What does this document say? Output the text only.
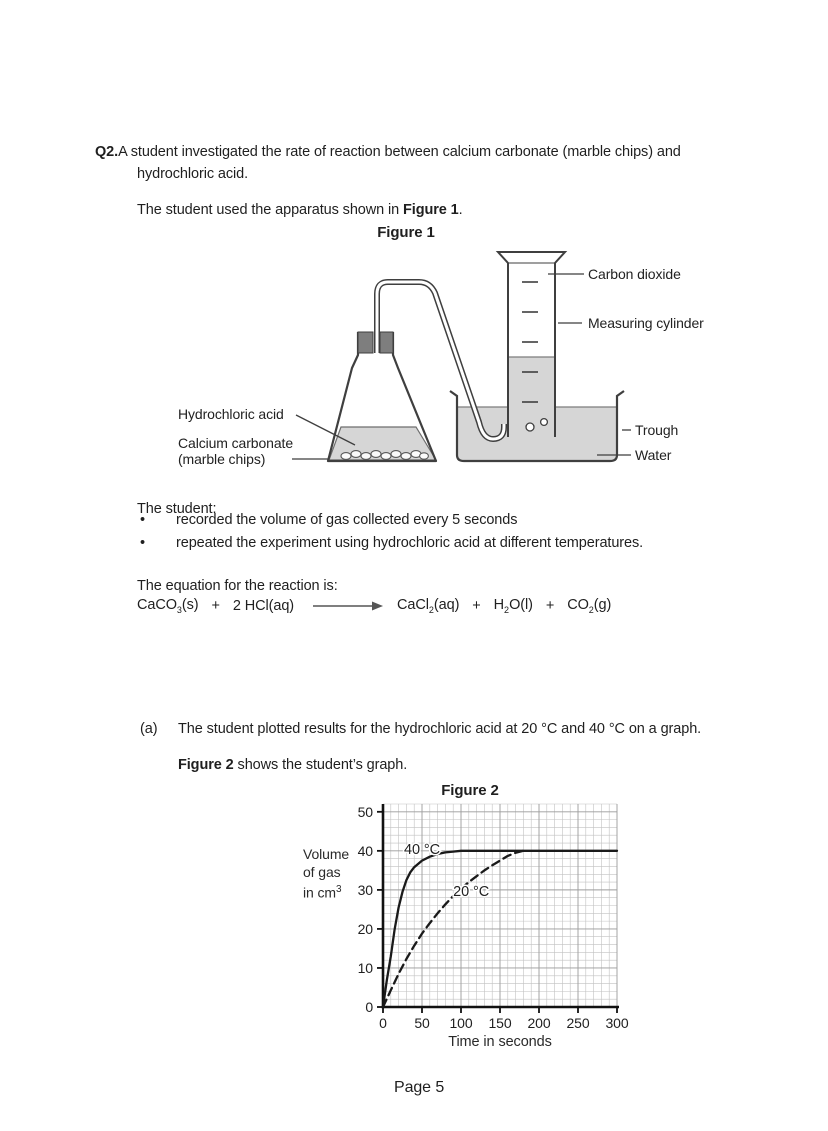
Q2.A student investigated the rate of reaction between calcium carbonate (marble chips) and
hydrochloric acid.

The student used the apparatus shown in Figure 1.

Figure 1
Carbon dioxide
Measuring cylinder
Trough
Water
Hydrochloric acid
Calcium carbonate
(marble chips)

The student:

•	recorded the volume of gas collected every 5 seconds
•	repeated the experiment using hydrochloric acid at different temperatures.

The equation for the reaction is:

CaCO$_3$(s) + 2 HCl(aq)	CaCl$_2$(aq) + $H_2O(l) + CO_2(g)$

(a) The student plotted results for the hydrochloric acid at 20 °C and 40 °C on a graph.

Figure 2 shows the student’s graph.

Volume
of gas
in $cm^3$
0
10
20
30
40
50
0 50 100 150 200 250 300
40 °C
20 °C
Figure 2
Time in seconds

Page 5
